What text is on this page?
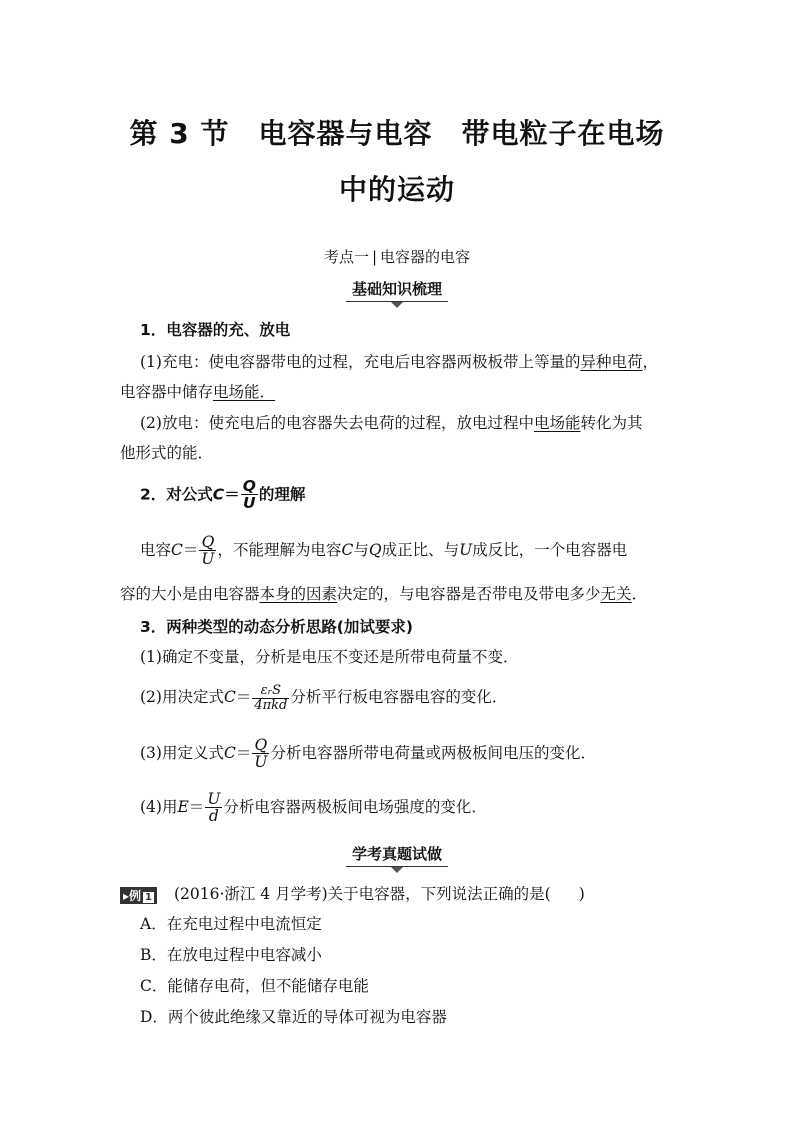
第 3 节　电容器与电容　带电粒子在电场
中的运动
考点一 | 电容器的电容
基础知识梳理
1．电容器的充、放电
(1)充电：使电容器带电的过程，充电后电容器两极板带上等量的异种电荷，
电容器中储存电场能．
(2)放电：使充电后的电容器失去电荷的过程，放电过程中电场能转化为其
他形式的能．
2．对公式$C= \frac{Q}{U}$ 的理解
电容$C= \frac{Q}{U}$ ，不能理解为电容C与Q成正比、与U成反比，一个电容器电
容的大小是由电容器本身的因素决定的，与电容器是否带电及带电多少无关．
3．两种类型的动态分析思路(加试要求)
(1)确定不变量，分析是电压不变还是所带电荷量不变．
(2)用决定式$C= \frac{\text{εᵣS}}{\text{4πkd}}$ 分析平行板电容器电容的变化．
(3)用定义式$C= \frac{Q}{U}$ 分析电容器所带电荷量或两极板间电压的变化．
(4)用$E= \frac{U}{d}$ 分析电容器两极板间电场强度的变化．
学考真题试做
▸例 1 (2016·浙江 4 月学考)关于电容器，下列说法正确的是( )
A．在充电过程中电流恒定
B．在放电过程中电容减小
C．能储存电荷，但不能储存电能
D．两个彼此绝缘又靠近的导体可视为电容器
